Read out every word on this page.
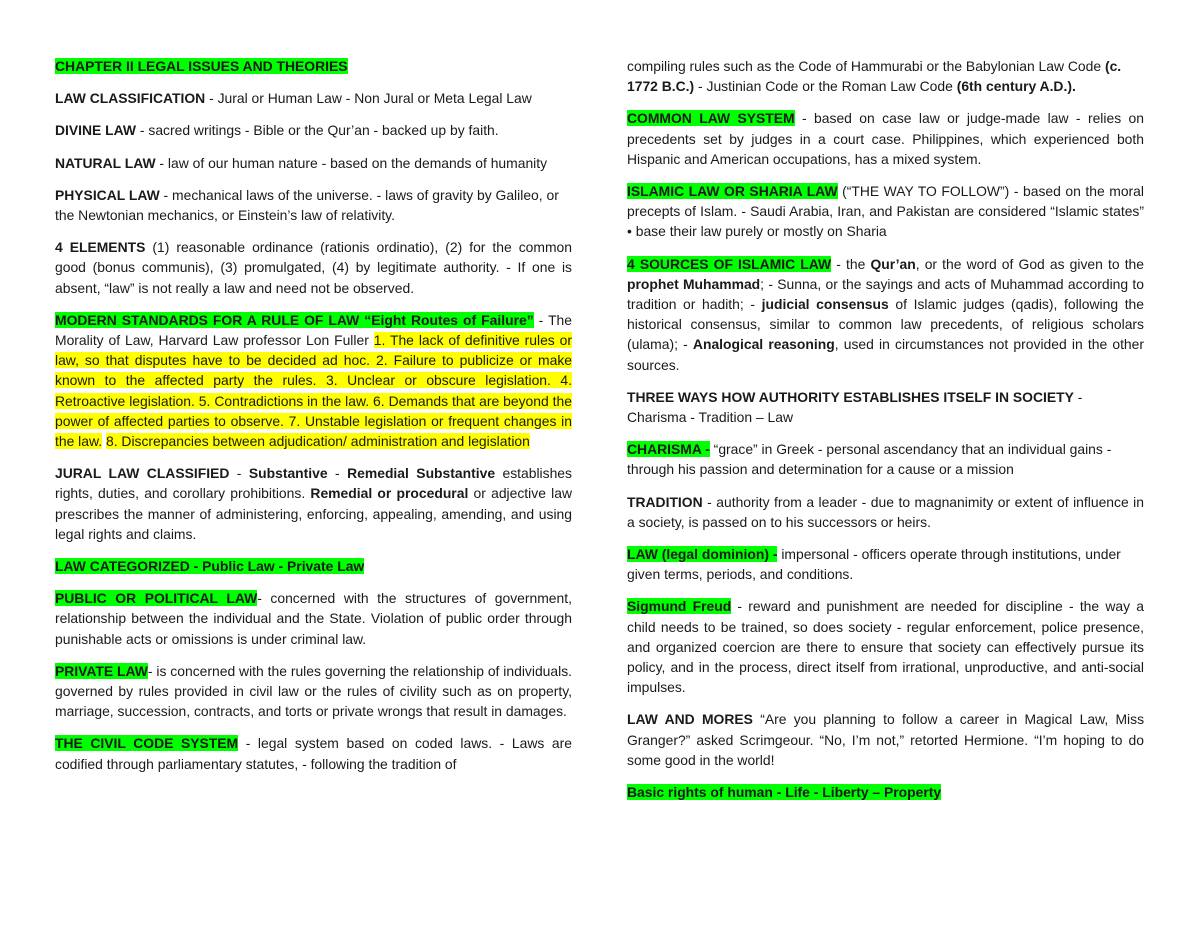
CHAPTER II LEGAL ISSUES AND THEORIES

LAW CLASSIFICATION - Jural or Human Law - Non Jural or Meta Legal Law

DIVINE LAW - sacred writings - Bible or the Qur’an - backed up by faith.

NATURAL LAW - law of our human nature - based on the demands of humanity

PHYSICAL LAW - mechanical laws of the universe. - laws of gravity by Galileo, or the Newtonian mechanics, or Einstein’s law of relativity.

4 ELEMENTS (1) reasonable ordinance (rationis ordinatio), (2) for the common good (bonus communis), (3) promulgated, (4) by legitimate authority. - If one is absent, “law” is not really a law and need not be observed.

MODERN STANDARDS FOR A RULE OF LAW “Eight Routes of Failure” - The Morality of Law, Harvard Law professor Lon Fuller 1. The lack of definitive rules or law, so that disputes have to be decided ad hoc. 2. Failure to publicize or make known to the affected party the rules. 3. Unclear or obscure legislation. 4. Retroactive legislation. 5. Contradictions in the law. 6. Demands that are beyond the power of affected parties to observe. 7. Unstable legislation or frequent changes in the law. 8. Discrepancies between adjudication/ administration and legislation

JURAL LAW CLASSIFIED - Substantive - Remedial Substantive establishes rights, duties, and corollary prohibitions. Remedial or procedural or adjective law prescribes the manner of administering, enforcing, appealing, amending, and using legal rights and claims.

LAW CATEGORIZED - Public Law - Private Law

PUBLIC OR POLITICAL LAW- concerned with the structures of government, relationship between the individual and the State. Violation of public order through punishable acts or omissions is under criminal law.

PRIVATE LAW- is concerned with the rules governing the relationship of individuals. governed by rules provided in civil law or the rules of civility such as on property, marriage, succession, contracts, and torts or private wrongs that result in damages.

THE CIVIL CODE SYSTEM - legal system based on coded laws. - Laws are codified through parliamentary statutes, - following the tradition of

compiling rules such as the Code of Hammurabi or the Babylonian Law Code (c. 1772 B.C.) - Justinian Code or the Roman Law Code (6th century A.D.).

COMMON LAW SYSTEM - based on case law or judge-made law - relies on precedents set by judges in a court case. Philippines, which experienced both Hispanic and American occupations, has a mixed system.

ISLAMIC LAW OR SHARIA LAW (“THE WAY TO FOLLOW”) - based on the moral precepts of Islam. - Saudi Arabia, Iran, and Pakistan are considered “Islamic states” • base their law purely or mostly on Sharia

4 SOURCES OF ISLAMIC LAW - the Qur’an, or the word of God as given to the prophet Muhammad; - Sunna, or the sayings and acts of Muhammad according to tradition or hadith; - judicial consensus of Islamic judges (qadis), following the historical consensus, similar to common law precedents, of religious scholars (ulama); - Analogical reasoning, used in circumstances not provided in the other sources.

THREE WAYS HOW AUTHORITY ESTABLISHES ITSELF IN SOCIETY - Charisma - Tradition – Law

CHARISMA - “grace” in Greek - personal ascendancy that an individual gains - through his passion and determination for a cause or a mission

TRADITION - authority from a leader - due to magnanimity or extent of influence in a society, is passed on to his successors or heirs.

LAW (legal dominion) - impersonal - officers operate through institutions, under given terms, periods, and conditions.

Sigmund Freud - reward and punishment are needed for discipline - the way a child needs to be trained, so does society - regular enforcement, police presence, and organized coercion are there to ensure that society can effectively pursue its policy, and in the process, direct itself from irrational, unproductive, and anti-social impulses.

LAW AND MORES “Are you planning to follow a career in Magical Law, Miss Granger?” asked Scrimgeour. “No, I’m not,” retorted Hermione. “I’m hoping to do some good in the world!

Basic rights of human - Life - Liberty – Property
